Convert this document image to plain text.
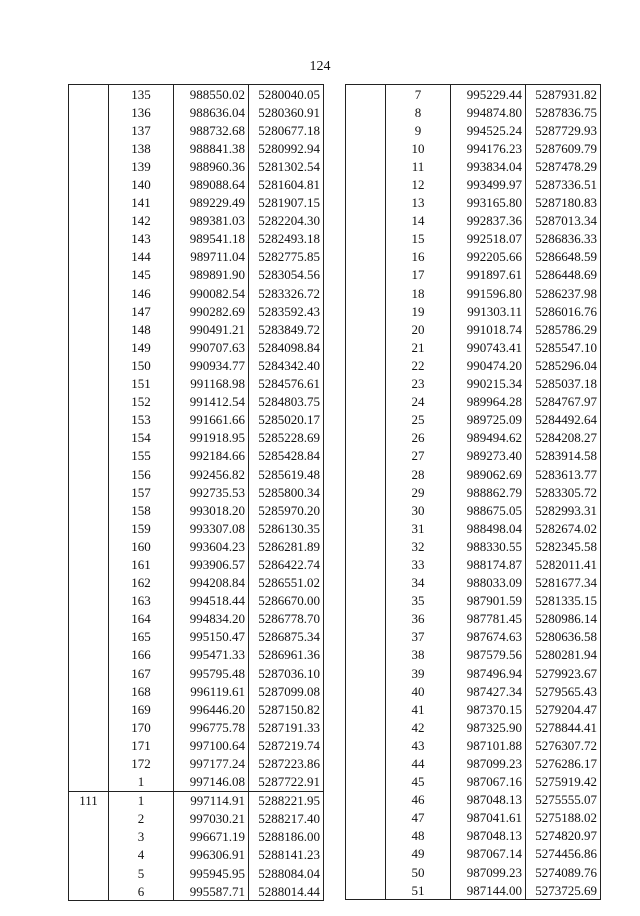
124
	135	988550.02	5280040.05
	136	988636.04	5280360.91
	137	988732.68	5280677.18
	138	988841.38	5280992.94
	139	988960.36	5281302.54
	140	989088.64	5281604.81
	141	989229.49	5281907.15
	142	989381.03	5282204.30
	143	989541.18	5282493.18
	144	989711.04	5282775.85
	145	989891.90	5283054.56
	146	990082.54	5283326.72
	147	990282.69	5283592.43
	148	990491.21	5283849.72
	149	990707.63	5284098.84
	150	990934.77	5284342.40
	151	991168.98	5284576.61
	152	991412.54	5284803.75
	153	991661.66	5285020.17
	154	991918.95	5285228.69
	155	992184.66	5285428.84
	156	992456.82	5285619.48
	157	992735.53	5285800.34
	158	993018.20	5285970.20
	159	993307.08	5286130.35
	160	993604.23	5286281.89
	161	993906.57	5286422.74
	162	994208.84	5286551.02
	163	994518.44	5286670.00
	164	994834.20	5286778.70
	165	995150.47	5286875.34
	166	995471.33	5286961.36
	167	995795.48	5287036.10
	168	996119.61	5287099.08
	169	996446.20	5287150.82
	170	996775.78	5287191.33
	171	997100.64	5287219.74
	172	997177.24	5287223.86
	1	997146.08	5287722.91
111	1	997114.91	5288221.95
	2	997030.21	5288217.40
	3	996671.19	5288186.00
	4	996306.91	5288141.23
	5	995945.95	5288084.04
	6	995587.71	5288014.44
	7	995229.44	5287931.82
	8	994874.80	5287836.75
	9	994525.24	5287729.93
	10	994176.23	5287609.79
	11	993834.04	5287478.29
	12	993499.97	5287336.51
	13	993165.80	5287180.83
	14	992837.36	5287013.34
	15	992518.07	5286836.33
	16	992205.66	5286648.59
	17	991897.61	5286448.69
	18	991596.80	5286237.98
	19	991303.11	5286016.76
	20	991018.74	5285786.29
	21	990743.41	5285547.10
	22	990474.20	5285296.04
	23	990215.34	5285037.18
	24	989964.28	5284767.97
	25	989725.09	5284492.64
	26	989494.62	5284208.27
	27	989273.40	5283914.58
	28	989062.69	5283613.77
	29	988862.79	5283305.72
	30	988675.05	5282993.31
	31	988498.04	5282674.02
	32	988330.55	5282345.58
	33	988174.87	5282011.41
	34	988033.09	5281677.34
	35	987901.59	5281335.15
	36	987781.45	5280986.14
	37	987674.63	5280636.58
	38	987579.56	5280281.94
	39	987496.94	5279923.67
	40	987427.34	5279565.43
	41	987370.15	5279204.47
	42	987325.90	5278844.41
	43	987101.88	5276307.72
	44	987099.23	5276286.17
	45	987067.16	5275919.42
	46	987048.13	5275555.07
	47	987041.61	5275188.02
	48	987048.13	5274820.97
	49	987067.14	5274456.86
	50	987099.23	5274089.76
	51	987144.00	5273725.69
